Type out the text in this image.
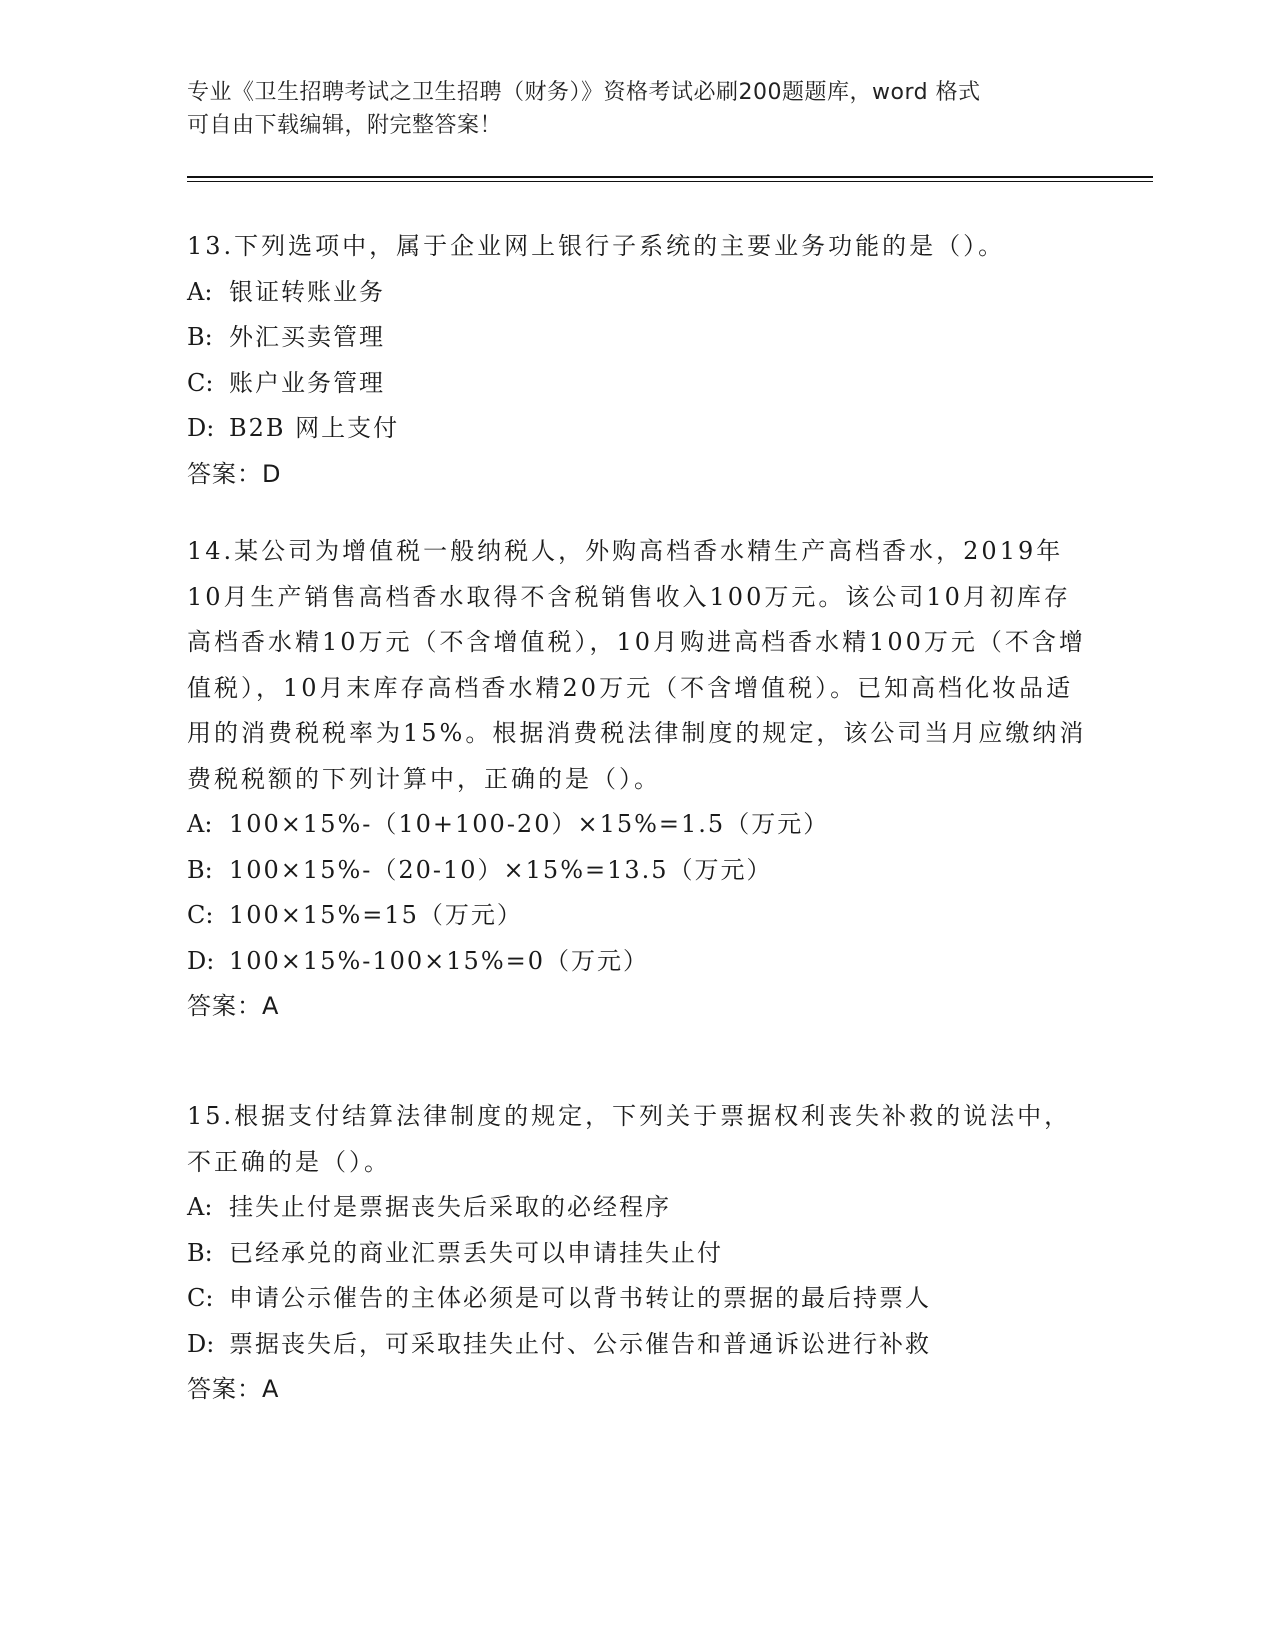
专业《卫生招聘考试之卫生招聘（财务）》资格考试必刷200题题库，word 格式
可自由下载编辑，附完整答案！

13.下列选项中，属于企业网上银行子系统的主要业务功能的是（）。

A: 银证转账业务

B: 外汇买卖管理

C: 账户业务管理

D: B2B 网上支付

答案：D

14.某公司为增值税一般纳税人，外购高档香水精生产高档香水，2019年10月生产销售高档香水取得不含税销售收入100万元。该公司10月初库存高档香水精10万元（不含增值税），10月购进高档香水精100万元（不含增值税），10月末库存高档香水精20万元（不含增值税）。已知高档化妆品适用的消费税税率为15%。根据消费税法律制度的规定，该公司当月应缴纳消费税税额的下列计算中，正确的是（）。

A: 100×15%-（10+100-20）×15%=1.5（万元）

B: 100×15%-（20-10）×15%=13.5（万元）

C: 100×15%=15（万元）

D: 100×15%-100×15%=0（万元）

答案：A

15.根据支付结算法律制度的规定，下列关于票据权利丧失补救的说法中，不正确的是（）。

A: 挂失止付是票据丧失后采取的必经程序

B: 已经承兑的商业汇票丢失可以申请挂失止付

C: 申请公示催告的主体必须是可以背书转让的票据的最后持票人

D: 票据丧失后，可采取挂失止付、公示催告和普通诉讼进行补救

答案：A
